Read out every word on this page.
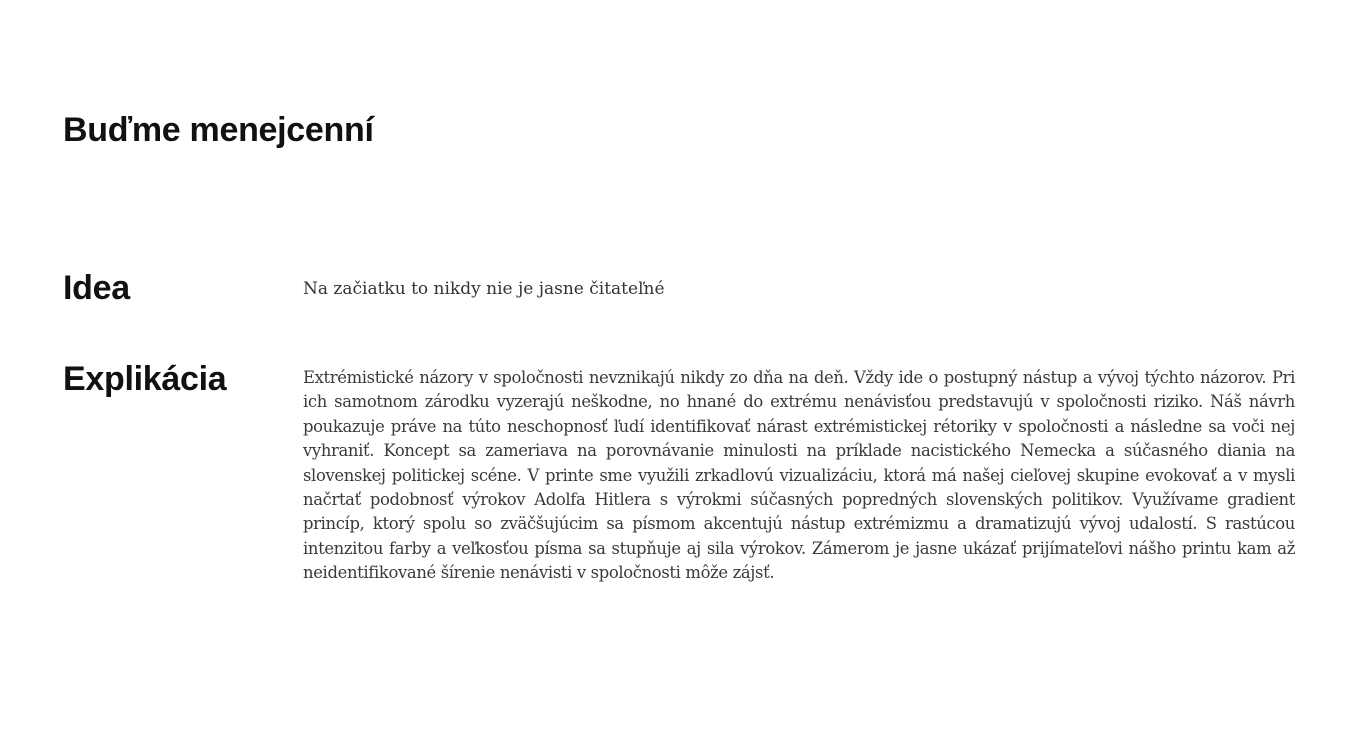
Buďme menejcenní
Idea	Na začiatku to nikdy nie je jasne čitateľné

Explikácia	Extrémistické názory v spoločnosti nevznikajú nikdy zo dňa na deň. Vždy ide o postupný nástup a vývoj týchto názorov. Pri ich samotnom zárodku vyzerajú neškodne, no hnané do extrému nenávisťou predstavujú v spoločnosti riziko. Náš návrh poukazuje práve na túto neschopnosť ľudí identifikovať nárast extrémistickej rétoriky v spoločnosti a následne sa voči nej vyhraniť. Koncept sa zameriava na porovnávanie minulosti na príklade nacistického Nemecka a súčasného diania na slovenskej politickej scéne. V printe sme využili zrkadlovú vizualizáciu, ktorá má našej cieľovej skupine evokovať a v mysli načrtať podobnosť výrokov Adolfa Hitlera s výrokmi súčasných popredných slovenských politikov. Využívame gradient princíp, ktorý spolu so zväčšujúcim sa písmom akcentujú nástup extrémizmu a dramatizujú vývoj udalostí. S rastúcou intenzitou farby a veľkosťou písma sa stupňuje aj sila výrokov. Zámerom je jasne ukázať prijímateľovi nášho printu kam až neidentifikované šírenie nenávisti v spoločnosti môže zájsť.
